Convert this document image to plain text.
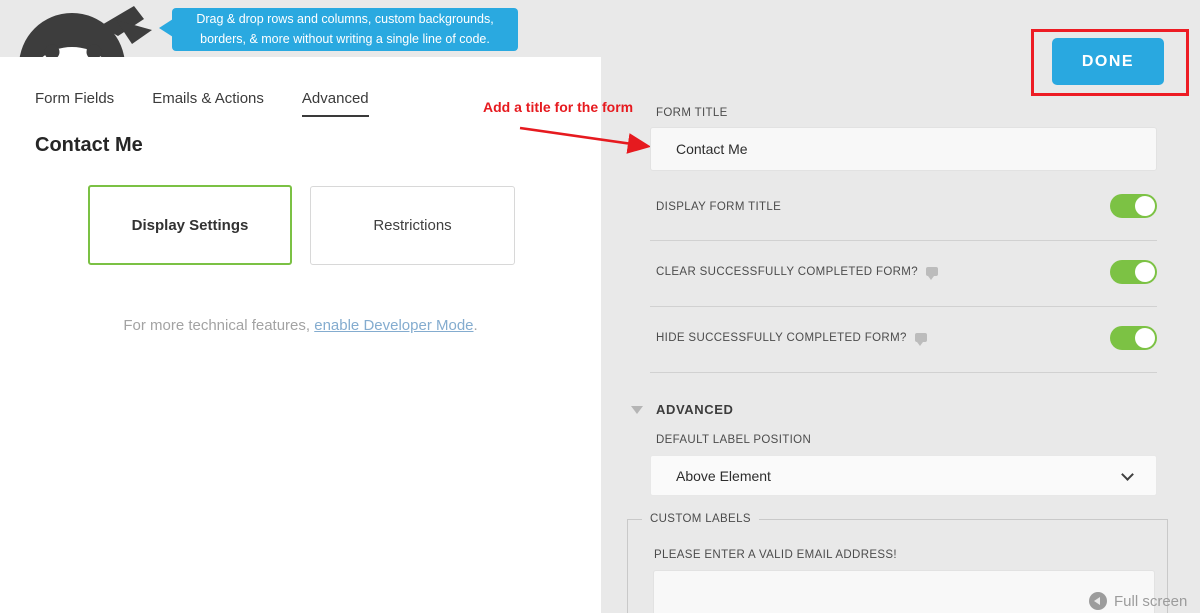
Drag & drop rows and columns, custom backgrounds,
borders, & more without writing a single line of code.
DONE
Form Fields	Emails & Actions	Advanced
Contact Me
Display Settings	Restrictions
For more technical features, enable Developer Mode.
Add a title for the form FORM TITLE
Contact Me
DISPLAY FORM TITLE
CLEAR SUCCESSFULLY COMPLETED FORM?
HIDE SUCCESSFULLY COMPLETED FORM?
ADVANCED
DEFAULT LABEL POSITION
Above Element
CUSTOM LABELS
PLEASE ENTER A VALID EMAIL ADDRESS!
Full screen
